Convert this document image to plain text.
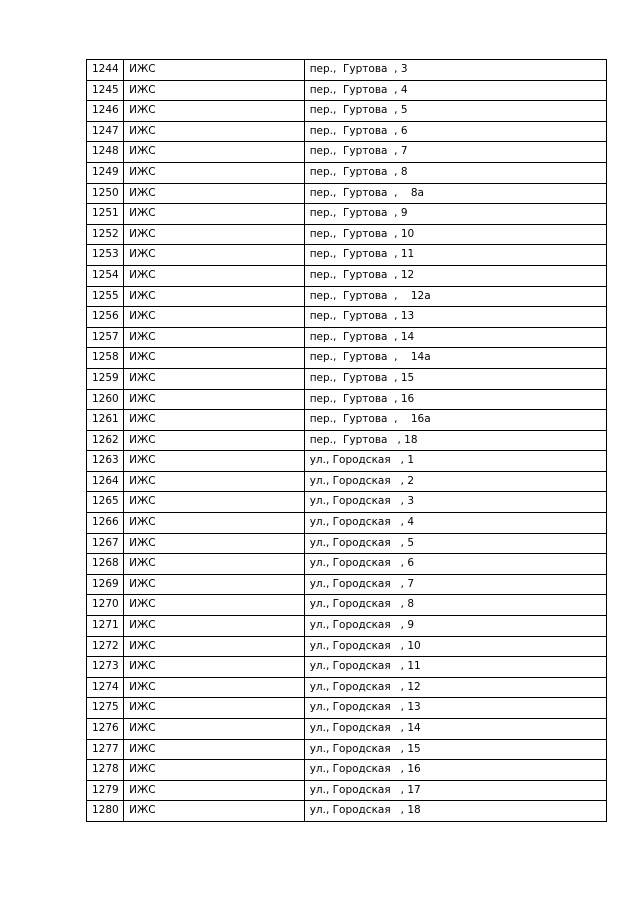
1244	ИЖС	пер.,  Гуртова  , 3
1245	ИЖС	пер.,  Гуртова  , 4
1246	ИЖС	пер.,  Гуртова  , 5
1247	ИЖС	пер.,  Гуртова  , 6
1248	ИЖС	пер.,  Гуртова  , 7
1249	ИЖС	пер.,  Гуртова  , 8
1250	ИЖС	пер.,  Гуртова  ,    8а
1251	ИЖС	пер.,  Гуртова  , 9
1252	ИЖС	пер.,  Гуртова  , 10
1253	ИЖС	пер.,  Гуртова  , 11
1254	ИЖС	пер.,  Гуртова  , 12
1255	ИЖС	пер.,  Гуртова  ,    12а
1256	ИЖС	пер.,  Гуртова  , 13
1257	ИЖС	пер.,  Гуртова  , 14
1258	ИЖС	пер.,  Гуртова  ,    14а
1259	ИЖС	пер.,  Гуртова  , 15
1260	ИЖС	пер.,  Гуртова  , 16
1261	ИЖС	пер.,  Гуртова  ,    16а
1262	ИЖС	пер.,  Гуртова   , 18
1263	ИЖС	ул., Городская   , 1
1264	ИЖС	ул., Городская   , 2
1265	ИЖС	ул., Городская   , 3
1266	ИЖС	ул., Городская   , 4
1267	ИЖС	ул., Городская   , 5
1268	ИЖС	ул., Городская   , 6
1269	ИЖС	ул., Городская   , 7
1270	ИЖС	ул., Городская   , 8
1271	ИЖС	ул., Городская   , 9
1272	ИЖС	ул., Городская   , 10
1273	ИЖС	ул., Городская   , 11
1274	ИЖС	ул., Городская   , 12
1275	ИЖС	ул., Городская   , 13
1276	ИЖС	ул., Городская   , 14
1277	ИЖС	ул., Городская   , 15
1278	ИЖС	ул., Городская   , 16
1279	ИЖС	ул., Городская   , 17
1280	ИЖС	ул., Городская   , 18
